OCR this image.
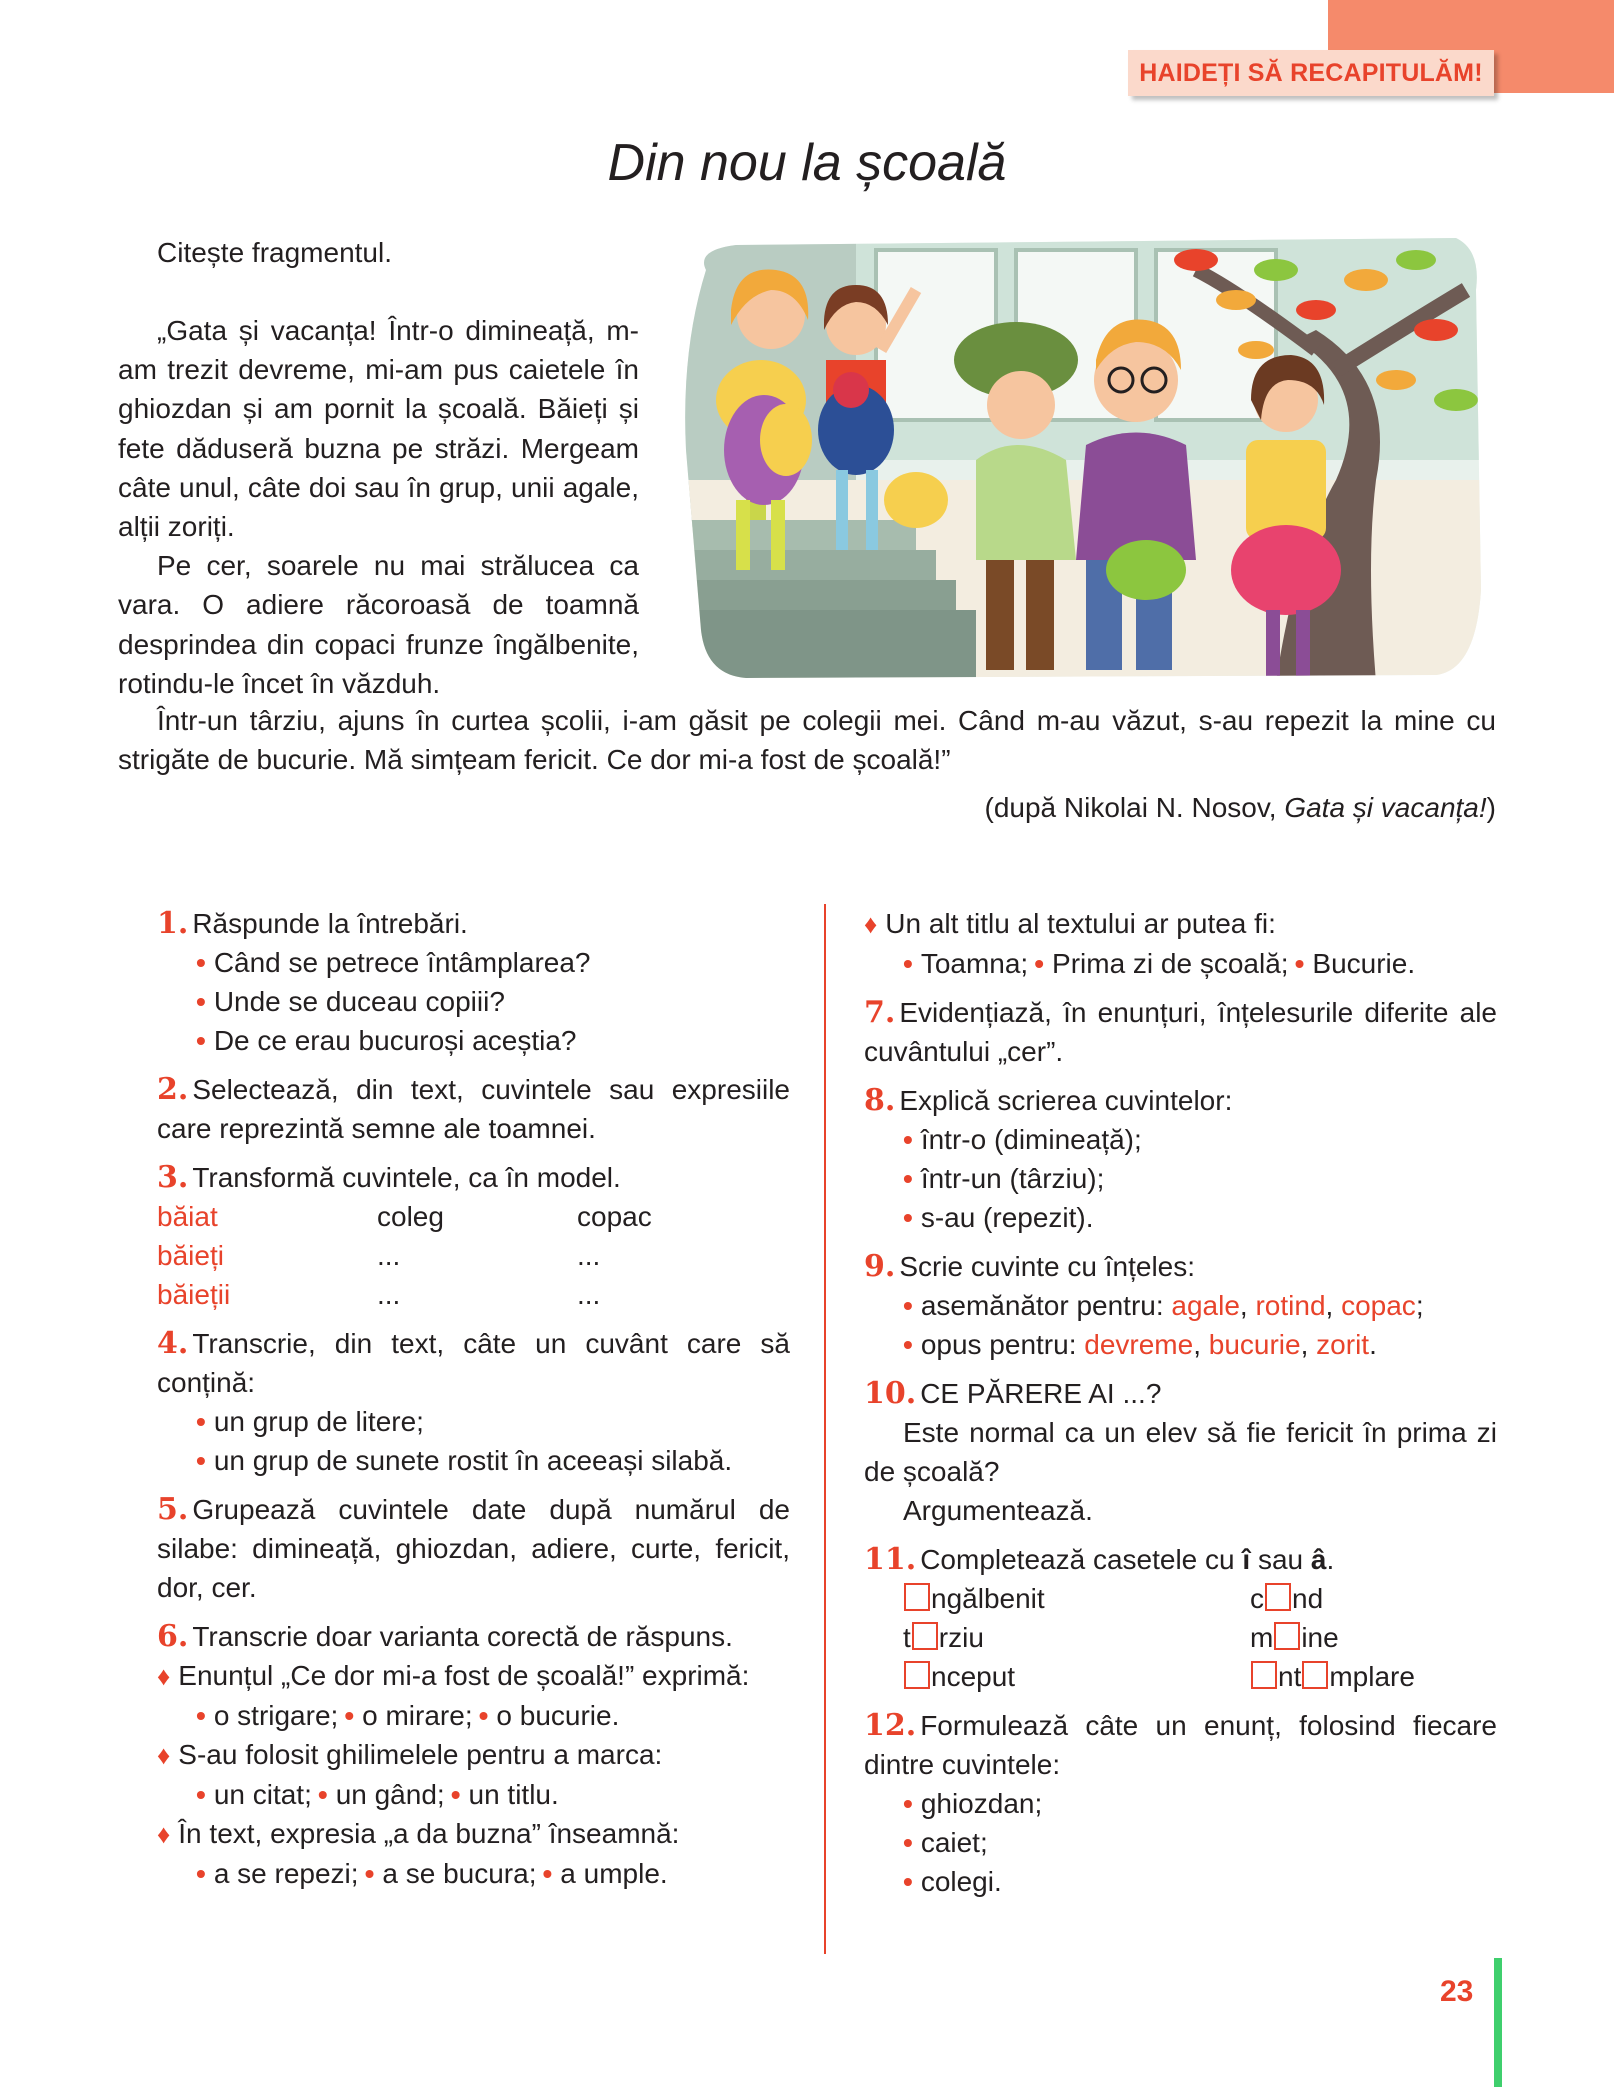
HAIDEȚI SĂ RECAPITULĂM!
Din nou la școală
Citește fragmentul.

„Gata și vacanța! Într-o dimineață, m-am trezit devreme, mi-am pus caietele în ghiozdan și am pornit la școală. Băieți și fete dăduseră buzna pe străzi. Mergeam câte unul, câte doi sau în grup, unii agale, alții zoriți.

Pe cer, soarele nu mai strălucea ca vara. O adiere răcoroasă de toamnă desprindea din copaci frunze îngălbenite, rotindu-le încet în văzduh.

Într-un târziu, ajuns în curtea școlii, i-am găsit pe colegii mei. Când m-au văzut, s-au repezit la mine cu strigăte de bucurie. Mă simțeam fericit. Ce dor mi-a fost de școală!”

(după Nikolai N. Nosov, Gata și vacanța!)
1. Răspunde la întrebări.
• Când se petrece întâmplarea?
• Unde se duceau copiii?
• De ce erau bucuroși aceștia?
2. Selectează, din text, cuvintele sau expresiile care reprezintă semne ale toamnei.
3. Transformă cuvintele, ca în model.
băiat	coleg	copac
băieți	...	...
băieții	...	...
4. Transcrie, din text, câte un cuvânt care să conțină:
• un grup de litere;
• un grup de sunete rostit în aceeași silabă.
5. Grupează cuvintele date după numărul de silabe: dimineață, ghiozdan, adiere, curte, fericit, dor, cer.
6. Transcrie doar varianta corectă de răspuns.
♦ Enunțul „Ce dor mi-a fost de școală!” exprimă:
• o strigare; • o mirare; • o bucurie.
♦ S-au folosit ghilimelele pentru a marca:
• un citat; • un gând; • un titlu.
♦ În text, expresia „a da buzna” înseamnă:
• a se repezi; • a se bucura; • a umple.
♦ Un alt titlu al textului ar putea fi:
• Toamna; • Prima zi de școală; • Bucurie.
7. Evidențiază, în enunțuri, înțelesurile diferite ale cuvântului „cer”.
8. Explică scrierea cuvintelor:
• într-o (dimineață);
• într-un (târziu);
• s-au (repezit).
9. Scrie cuvinte cu înțeles:
• asemănător pentru: agale, rotind, copac;
• opus pentru: devreme, bucurie, zorit.
10. CE PĂRERE AI ...?
Este normal ca un elev să fie fericit în prima zi de școală?
Argumentează.
11. Completează casetele cu î sau â.
ngălbenit	c nd
t rziu	m ine
nceput	nt mplare
12. Formulează câte un enunț, folosind fiecare dintre cuvintele:
• ghiozdan;
• caiet;
• colegi.
23
